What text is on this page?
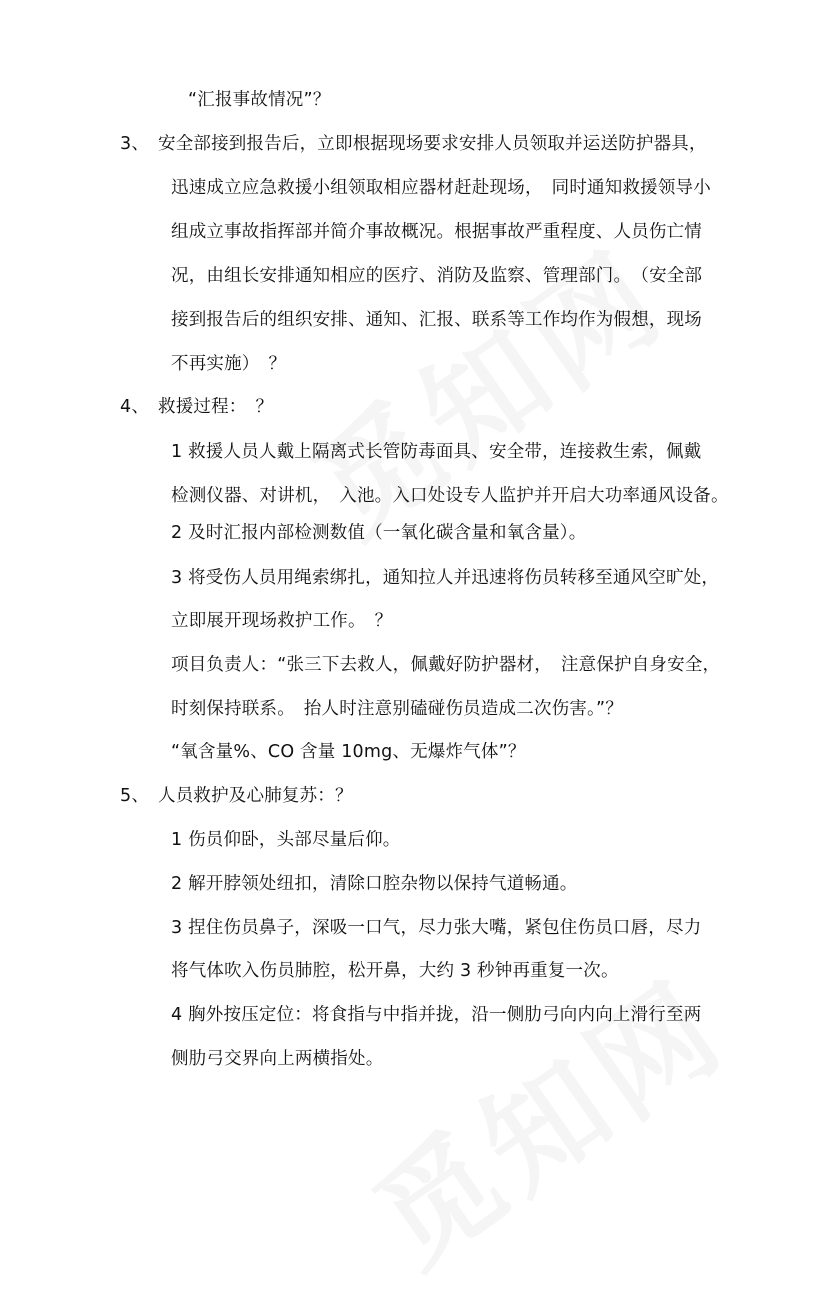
“汇报事故情况”？
3、 安全部接到报告后，立即根据现场要求安排人员领取并运送防护器具，
迅速成立应急救援小组领取相应器材赶赴现场，　同时通知救援领导小
组成立事故指挥部并简介事故概况。根据事故严重程度、人员伤亡情
况，由组长安排通知相应的医疗、消防及监察、管理部门。　（安全部
接到报告后的组织安排、通知、汇报、联系等工作均作为假想，现场
不再实施）　？
4、 救援过程：　？
1 救援人员人戴上隔离式长管防毒面具、安全带，连接救生索，佩戴
检测仪器、对讲机，　入池。入口处设专人监护并开启大功率通风设备。
2 及时汇报内部检测数值（一氧化碳含量和氧含量）。
3 将受伤人员用绳索绑扎，通知拉人并迅速将伤员转移至通风空旷处，
立即展开现场救护工作。　？
项目负责人：“张三下去救人，佩戴好防护器材，　注意保护自身安全，
时刻保持联系。　抬人时注意别磕碰伤员造成二次伤害。”？
“氧含量%、CO 含量 10mg、无爆炸气体”？
5、 人员救护及心肺复苏：？
1 伤员仰卧，头部尽量后仰。
2 解开脖领处纽扣，清除口腔杂物以保持气道畅通。
3 捏住伤员鼻子，深吸一口气，尽力张大嘴，紧包住伤员口唇，尽力
将气体吹入伤员肺腔，松开鼻，大约 3 秒钟再重复一次。
4 胸外按压定位：将食指与中指并拢，沿一侧肋弓向内向上滑行至两
侧肋弓交界向上两横指处。
